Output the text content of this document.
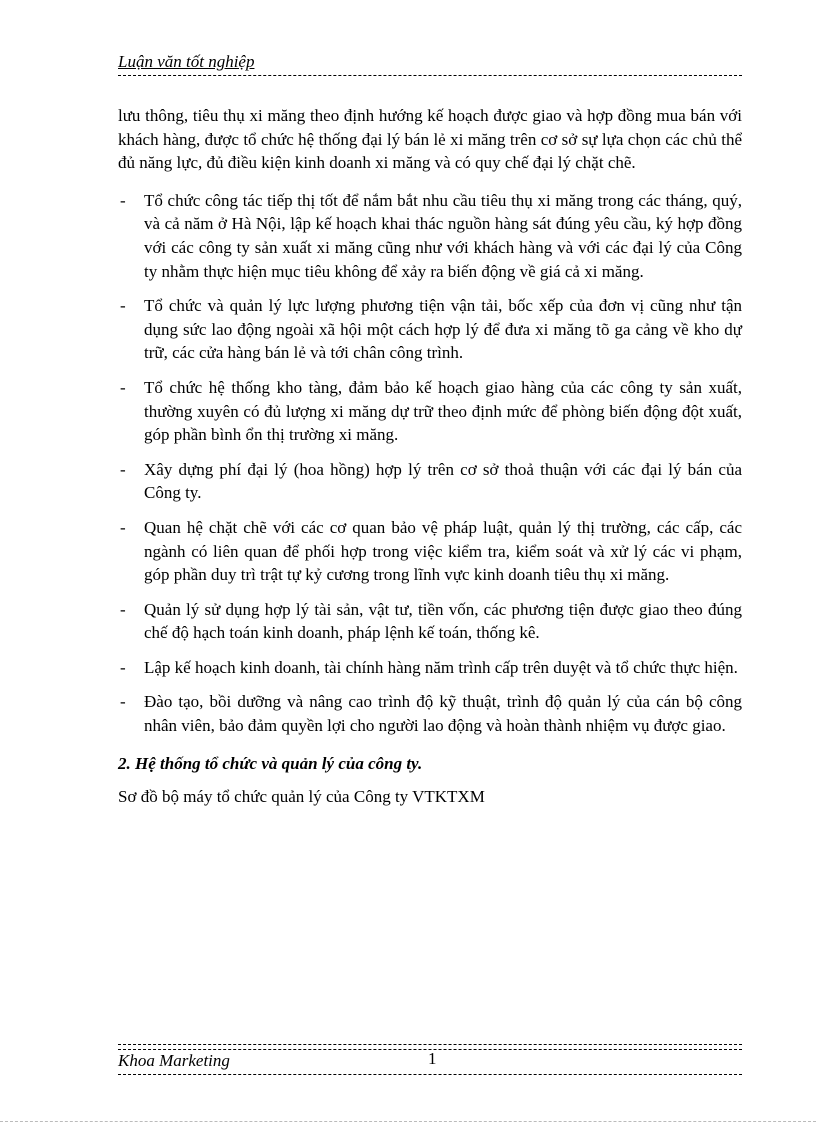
Luận văn tốt nghiệp

lưu thông, tiêu thụ xi măng theo định hướng kế hoạch được giao và hợp đồng mua bán với khách hàng, được tổ chức hệ thống đại lý bán lẻ xi măng trên cơ sở sự lựa chọn các chủ thể đủ năng lực, đủ điều kiện kinh doanh xi măng và có quy chế đại lý chặt chẽ.

- Tổ chức công tác tiếp thị tốt để nắm bắt nhu cầu tiêu thụ xi măng trong các tháng, quý, và cả năm ở Hà Nội, lập kế hoạch khai thác nguồn hàng sát đúng yêu cầu, ký hợp đồng với các công ty sản xuất xi măng cũng như với khách hàng và với các đại lý của Công ty nhằm thực hiện mục tiêu không để xảy ra biến động về giá cả xi măng.
- Tổ chức và quản lý lực lượng phương tiện vận tải, bốc xếp của đơn vị cũng như tận dụng sức lao động ngoài xã hội một cách hợp lý để đưa xi măng tõ ga cảng về kho dự trữ, các cửa hàng bán lẻ và tới chân công trình.
- Tổ chức hệ thống kho tàng, đảm bảo kế hoạch giao hàng của các công ty sản xuất, thường xuyên có đủ lượng xi măng dự trữ theo định mức để phòng biến động đột xuất, góp phần bình ổn thị trường xi măng.
- Xây dựng phí đại lý (hoa hồng) hợp lý trên cơ sở thoả thuận với các đại lý bán của Công ty.
- Quan hệ chặt chẽ với các cơ quan bảo vệ pháp luật, quản lý thị trường, các cấp, các ngành có liên quan để phối hợp trong việc kiểm tra, kiểm soát và xử lý các vi phạm, góp phần duy trì trật tự kỷ cương trong lĩnh vực kinh doanh tiêu thụ xi măng.
- Quản lý sử dụng hợp lý tài sản, vật tư, tiền vốn, các phương tiện được giao theo đúng chế độ hạch toán kinh doanh, pháp lệnh kế toán, thống kê.
- Lập kế hoạch kinh doanh, tài chính hàng năm trình cấp trên duyệt và tổ chức thực hiện.
- Đào tạo, bồi dưỡng và nâng cao trình độ kỹ thuật, trình độ quản lý của cán bộ công nhân viên, bảo đảm quyền lợi cho người lao động và hoàn thành nhiệm vụ được giao.

2. Hệ thống tổ chức và quản lý của công ty.

Sơ đồ bộ máy tổ chức quản lý của Công ty VTKTXM

Khoa Marketing	1
